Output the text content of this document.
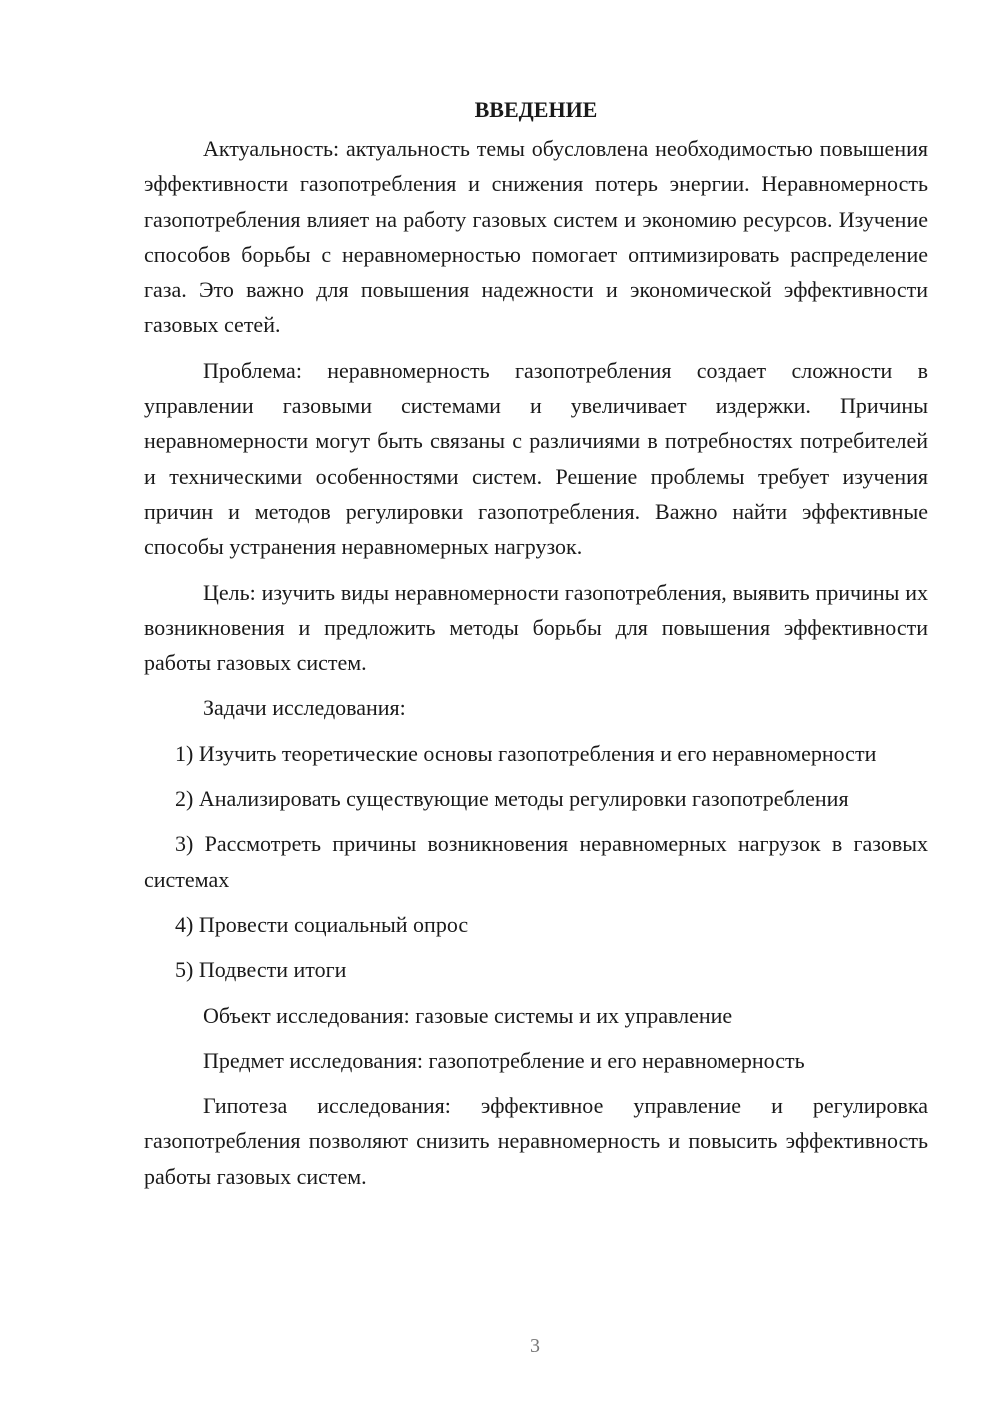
ВВЕДЕНИЕ

Актуальность: актуальность темы обусловлена необходимостью повышения эффективности газопотребления и снижения потерь энергии. Неравномерность газопотребления влияет на работу газовых систем и экономию ресурсов. Изучение способов борьбы с неравномерностью помогает оптимизировать распределение газа. Это важно для повышения надежности и экономической эффективности газовых сетей.

Проблема: неравномерность газопотребления создает сложности в управлении газовыми системами и увеличивает издержки. Причины неравномерности могут быть связаны с различиями в потребностях потребителей и техническими особенностями систем. Решение проблемы требует изучения причин и методов регулировки газопотребления. Важно найти эффективные способы устранения неравномерных нагрузок.

Цель: изучить виды неравномерности газопотребления, выявить причины их возникновения и предложить методы борьбы для повышения эффективности работы газовых систем.

Задачи исследования:

1) Изучить теоретические основы газопотребления и его неравномерности

2) Анализировать существующие методы регулировки газопотребления

3) Рассмотреть причины возникновения неравномерных нагрузок в газовых системах

4) Провести социальный опрос

5) Подвести итоги

Объект исследования: газовые системы и их управление

Предмет исследования: газопотребление и его неравномерность

Гипотеза исследования: эффективное управление и регулировка газопотребления позволяют снизить неравномерность и повысить эффективность работы газовых систем.

3
